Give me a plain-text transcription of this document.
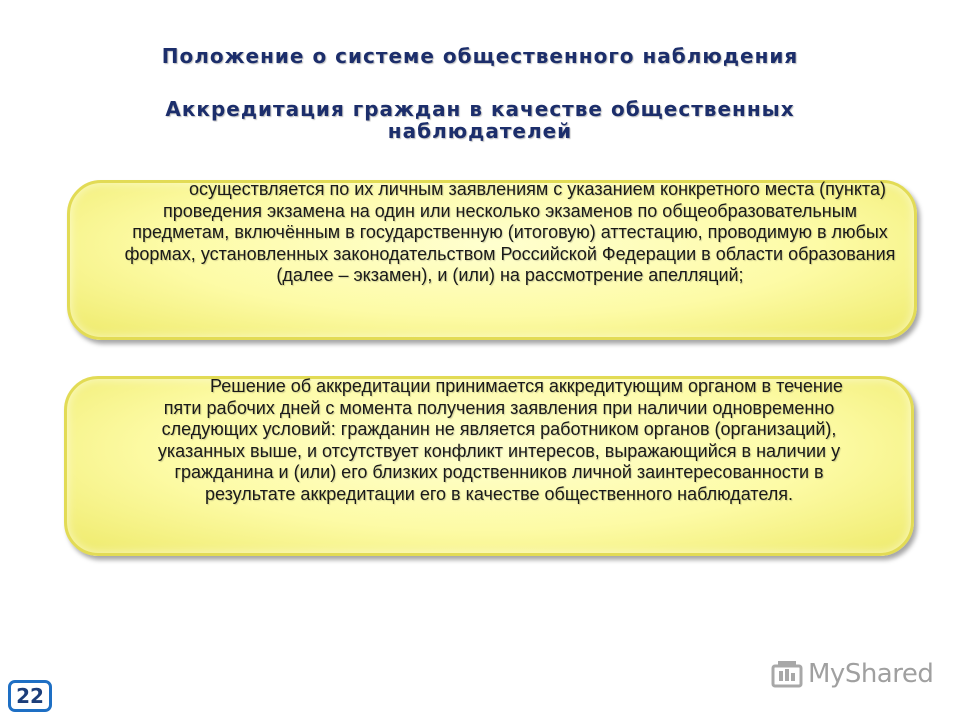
Положение о системе общественного наблюдения
Аккредитация граждан в качестве общественных наблюдателей
осуществляется по их личным заявлениям с указанием конкретного места (пункта) проведения экзамена на один или несколько экзаменов по общеобразовательным предметам, включённым в государственную (итоговую) аттестацию, проводимую в любых формах, установленных законодательством Российской Федерации в области образования (далее – экзамен), и (или) на рассмотрение апелляций;
Решение об аккредитации принимается аккредитующим органом в течение пяти рабочих дней с момента получения заявления при наличии одновременно следующих условий: гражданин не является работником органов (организаций), указанных выше, и отсутствует конфликт интересов, выражающийся в наличии у гражданина и (или) его близких родственников личной заинтересованности в результате аккредитации его в качестве общественного наблюдателя.
22
MyShared
